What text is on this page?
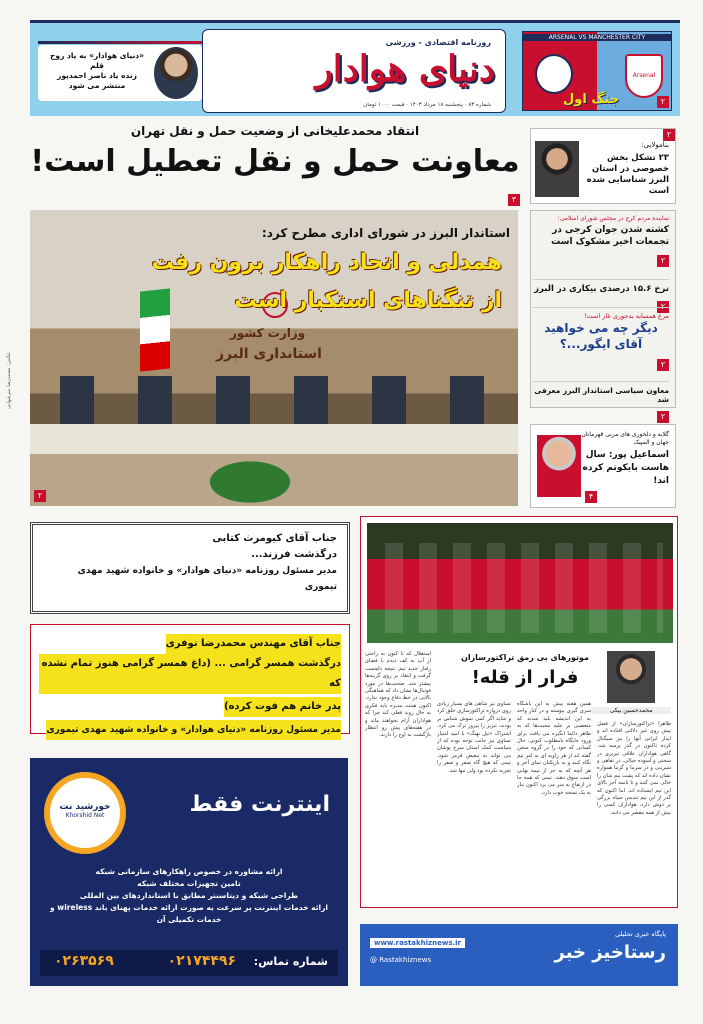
ARSENAL VS MANCHESTER CITY
Arsenal
جنگ اول	۲
روزنامه اقتصادی - ورزشی
دنیای هوادار
شماره ۸۳ · پنجشنبه ۱۸ مرداد ۱۴۰۳ · قیمت ۱۰۰۰ تومان
«دنیای هوادار» به یاد روح قلم
زنده یاد ناصر احمدپور
منتشر می شود
انتقاد محمدعلیخانی از وضعیت حمل و نقل تهران
معاونت حمل و نقل تعطیل است!
۳
وزارت کشور
استانداری البرز
استاندار البرز در شورای اداری مطرح کرد:
همدلی و اتحاد راهکار برون رفت
از تنگناهای استکبار است
۲
عکس: محمدرضا میرشهابی
بنامولایی:
۲۳ تشکل بخش خصوصی در استان البرز شناسایی شده است
۲
نماینده مردم کرج در مجلس شورای اسلامی:
کشته شدن جوان کرجی در تجمعات اخیر مشکوک است
۲
نرخ ۱۵.۶ درصدی بیکاری در البرز
۲
مرغ همسایه بدجوری غاز است!
دیگر چه می خواهید آقای ایگور...؟
۲
معاون سیاسی استاندار البرز معرفی شد
۲
گلایه و دلخوری های مربی قهرمانان جهان و المپیک
اسماعیل پور: سال هاست بایکوتم کرده اند!
۴
جناب آقای کیومرث کتابی
درگذشت فرزند...
مدیر مسئول روزنامه «دنیای هوادار» و خانواده شهید مهدی تیموری
جناب آقای مهندس محمدرضا نوفری درگذشت همسر گرامی ... (داغ همسر گرامی هنوز تمام نشده که پدر خانم هم فوت کرده) مدیر مسئول روزنامه «دنیای هوادار» و خانواده شهید مهدی تیموری
محمدحسین بیکی
موتورهای بی رمق تراکتورسازان
فرار از قله!
ظاهراً «تراکتورسازان» از فصل پیش روی غیر دلالتی افتاده اند و ایدار ایرانی آنها را نیز سیگنال کرده تاکنون در گذر پرسه شد. گاهی هواداران علاقی تبریزی در سختی و آسوده خیالی، در تفاهی و شیرینی و در سرما و گرما همواره نشان داده اند که پشت تیم شان را خالی نمی کنند و تا نانمه آخر بالای این تیم ایستاده اند. اما اکنون که گذر از این تیم تندیس سیاه بزرگی بر دوش دارد، هواداران کسی را بیش از همه مقصر می دانند.
همین هفته پیش به این باشگاه سری گیری بیوسته و در کنار واحد به این اندیشه بلند شدند که متعصبی بر علیه محبت‌ها که به ظاهر دائما انگیزه می یافت برای ورود جایگاه نامطلوب کنونی. حال کسانی که خود را در گروه سخن گفته اند از هر زاویه ای به امر تیم نگاه کنند و به بازیکنان نمای آخر و هر آنچه که به جز از نیمه نهایی است سوق دهند. تیمی که همه جا در ارتفاع به سر می برد اکنون نیاز به یک نسخه خوب دارد.
تساوی نیز شاهی های بسیار زیادی روی دروازه تراکتورسازی خلق کرد و شاید اگر کمی تموش شناس بر بودند، تبریز را پیروز ترک می کرد. اشتراک «نیل نهنگ» با امید امتیاز تساوی نیز جانب توجه بوده که از سیاست کمک استان سرخ پوشان می تواند به تبعیض قرمز شود. تیمی که هیچ گاه صفر و صفر را تجربه نکرده بود ولی تنها شد.
استقلال که تا کنون به راحتی از آب به کف دیدم با فضای رفتار جدید تیم، نتیجه دلچسب گرفت و انتقاد بر روی گزینه‌ها بیشتر شد. صحبت‌ها در مورد فوتبال‌ها نشان داد که هماهنگی بالایی در خط دفاع وجود ندارد. اکنون هیئت مدیره باید فکری به حال روند فعلی کند چرا که هواداران آرام نخواهند ماند و در هفته‌های پیش رو انتظار بازگشت به اوج را دارند.
خورشید نت
Khorshid Net	اینترنت فقط
ارائه مشاوره در خصوص راهکارهای سازمانی شبکه
تامین تجهیزات مختلف شبکه
طراحی شبکه و دیتاسنتر مطابق با استانداردهای بین المللی
ارائه خدمات اینترنت پر سرعت به صورت ارائه خدمات پهنای باند wireless و
خدمات تکمیلی آن
شماره تماس:
۰۲۱۷۴۴۹۶
۰۲۶۳۵۶۹
پایگاه خبری تحلیلی
رستاخیز خبر
www.rastakhiznews.ir
@ Rastakhiznews
